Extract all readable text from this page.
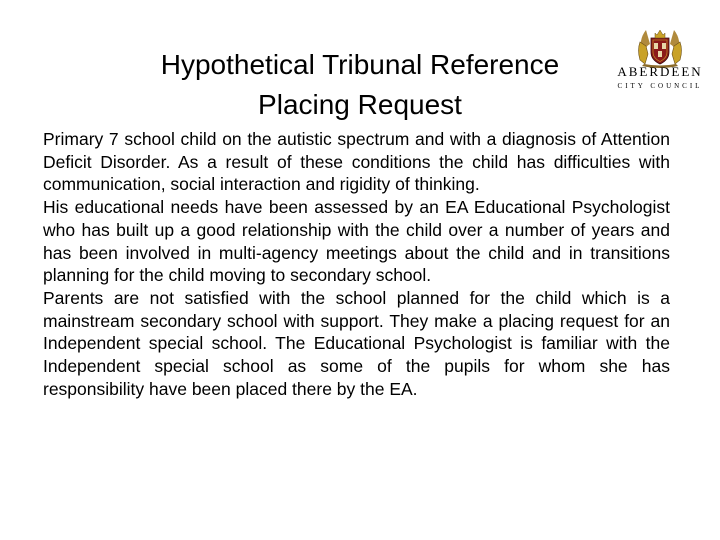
Hypothetical Tribunal Reference
Placing Request
ABERDEEN
CITY COUNCIL

Primary 7 school child on the autistic spectrum and with a diagnosis of Attention Deficit Disorder. As a result of these conditions the child has difficulties with communication, social interaction and rigidity of thinking.

His educational needs have been assessed by an EA Educational Psychologist who has built up a good relationship with the child over a number of years and has been involved in multi-agency meetings about the child and in transitions planning for the child moving to secondary school.

Parents are not satisfied with the school planned for the child which is a mainstream secondary school with support. They make a placing request for an Independent special school. The Educational Psychologist is familiar with the Independent special school as some of the pupils for whom she has responsibility have been placed there by the EA.
